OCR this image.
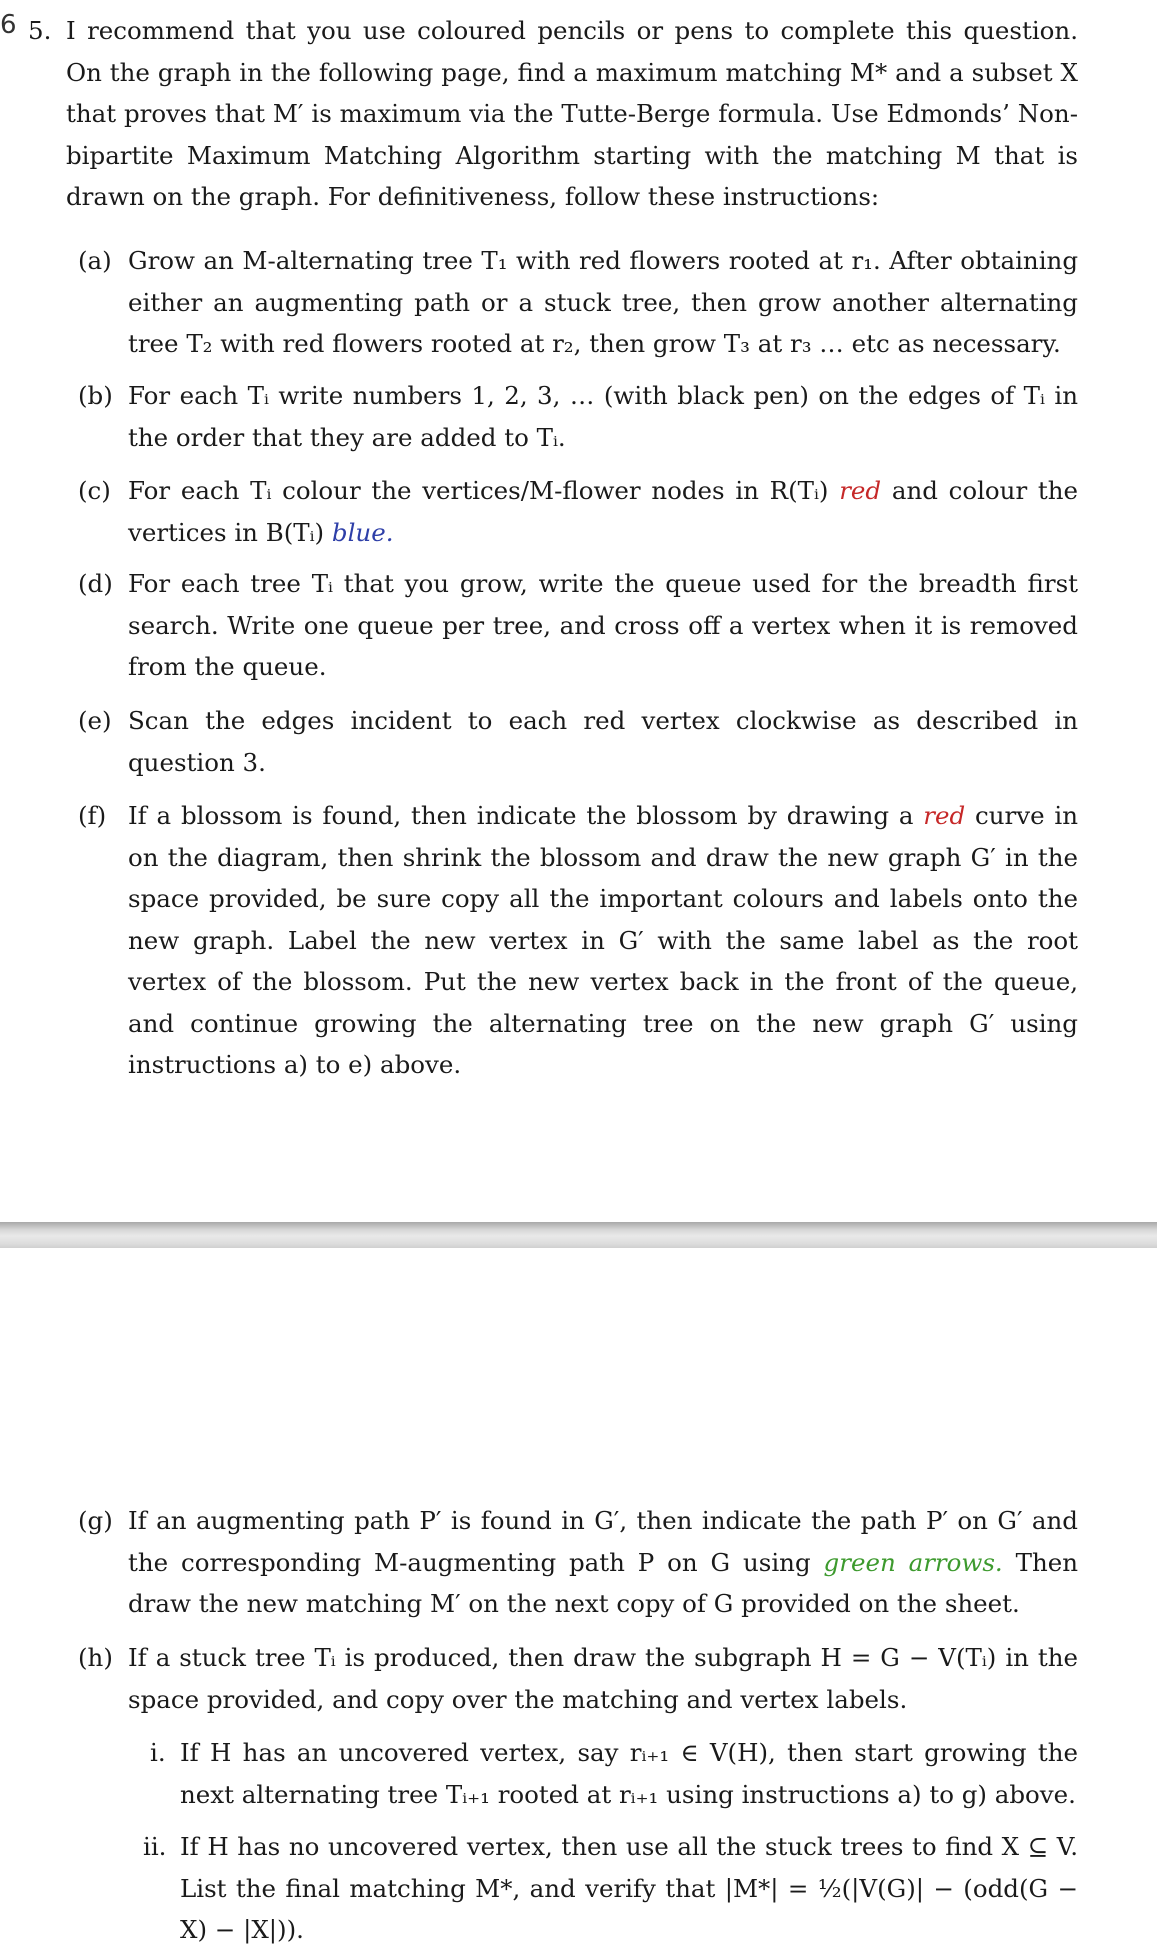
6 5. I recommend that you use coloured pencils or pens to complete this question. On the graph in the following page, find a maximum matching M* and a subset X that proves that M′ is maximum via the Tutte-Berge formula. Use Edmonds’ Non-bipartite Maximum Matching Algorithm starting with the matching M that is drawn on the graph. For definitiveness, follow these instructions:
(a) Grow an M-alternating tree T₁ with red flowers rooted at r₁. After obtaining either an augmenting path or a stuck tree, then grow another alternating tree T₂ with red flowers rooted at r₂, then grow T₃ at r₃ … etc as necessary.
(b) For each Tᵢ write numbers 1, 2, 3, … (with black pen) on the edges of Tᵢ in the order that they are added to Tᵢ.
(c) For each Tᵢ colour the vertices/M-flower nodes in R(Tᵢ) red and colour the vertices in B(Tᵢ) blue.
(d) For each tree Tᵢ that you grow, write the queue used for the breadth first search. Write one queue per tree, and cross off a vertex when it is removed from the queue.
(e) Scan the edges incident to each red vertex clockwise as described in question 3.
(f) If a blossom is found, then indicate the blossom by drawing a red curve in on the diagram, then shrink the blossom and draw the new graph G′ in the space provided, be sure copy all the important colours and labels onto the new graph. Label the new vertex in G′ with the same label as the root vertex of the blossom. Put the new vertex back in the front of the queue, and continue growing the alternating tree on the new graph G′ using instructions a) to e) above.
(g) If an augmenting path P′ is found in G′, then indicate the path P′ on G′ and the corresponding M-augmenting path P on G using green arrows. Then draw the new matching M′ on the next copy of G provided on the sheet.
(h) If a stuck tree Tᵢ is produced, then draw the subgraph H = G − V(Tᵢ) in the space provided, and copy over the matching and vertex labels.
i. If H has an uncovered vertex, say rᵢ₊₁ ∈ V(H), then start growing the next alternating tree Tᵢ₊₁ rooted at rᵢ₊₁ using instructions a) to g) above.
ii. If H has no uncovered vertex, then use all the stuck trees to find X ⊆ V. List the final matching M*, and verify that |M*| = ½(|V(G)| − (odd(G − X) − |X|)).
